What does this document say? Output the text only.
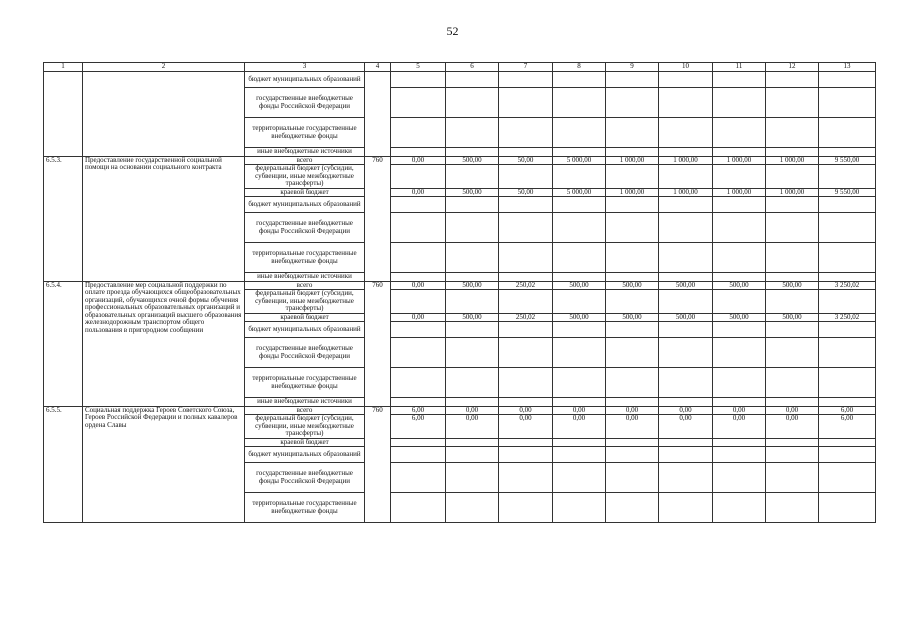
52
1	2	3	4	5	6	7	8	9	10	11	12	13
		бюджет муниципальных образований										
		государственные внебюджетные фонды Российской Федерации										
		территориальные государственные внебюджетные фонды										
		иные внебюджетные источники										
6.5.3.	Предоставление государственной социальной помощи на основании социального контракта	всего	760	0,00	500,00	50,00	5 000,00	1 000,00	1 000,00	1 000,00	1 000,00	9 550,00
		федеральный бюджет (субсидии, субвенции, иные межбюджетные трансферты)										
		краевой бюджет		0,00	500,00	50,00	5 000,00	1 000,00	1 000,00	1 000,00	1 000,00	9 550,00
		бюджет муниципальных образований										
		государственные внебюджетные фонды Российской Федерации										
		территориальные государственные внебюджетные фонды										
		иные внебюджетные источники										
6.5.4.	Предоставление мер социальной поддержки по оплате проезда обучающихся общеобразовательных организаций, обучающихся очной формы обучения профессиональных образовательных организаций и образовательных организаций высшего образования железнодорожным транспортом общего пользования в пригородном сообщении	всего	760	0,00	500,00	250,02	500,00	500,00	500,00	500,00	500,00	3 250,02
		федеральный бюджет (субсидии, субвенции, иные межбюджетные трансферты)										
		краевой бюджет		0,00	500,00	250,02	500,00	500,00	500,00	500,00	500,00	3 250,02
		бюджет муниципальных образований										
		государственные внебюджетные фонды Российской Федерации										
		территориальные государственные внебюджетные фонды										
		иные внебюджетные источники										
6.5.5.	Социальная поддержка Героев Советского Союза, Героев Российской Федерации и полных кавалеров ордена Славы	всего	760	6,00	0,00	0,00	0,00	0,00	0,00	0,00	0,00	6,00
		федеральный бюджет (субсидии, субвенции, иные межбюджетные трансферты)		6,00	0,00	0,00	0,00	0,00	0,00	0,00	0,00	6,00
		краевой бюджет										
		бюджет муниципальных образований										
		государственные внебюджетные фонды Российской Федерации										
		территориальные государственные внебюджетные фонды										
